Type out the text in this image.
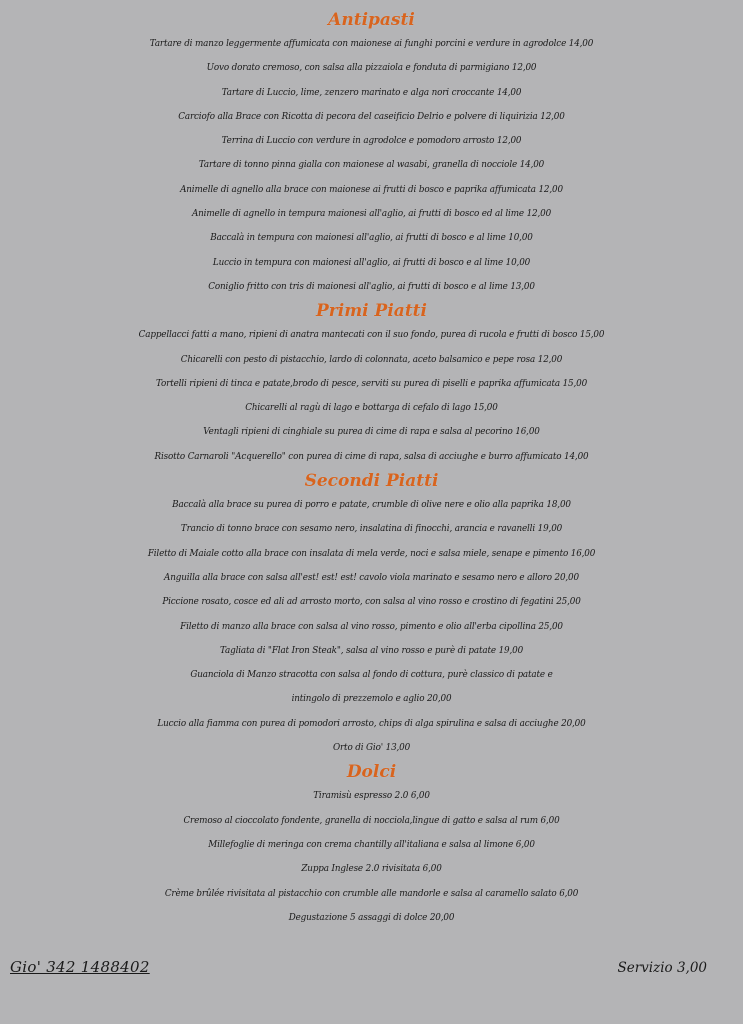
Antipasti

Tartare di manzo leggermente affumicata con maionese ai funghi porcini e verdure in agrodolce 14,00

Uovo dorato cremoso, con salsa alla pizzaiola e fonduta di parmigiano 12,00

Tartare di Luccio, lime, zenzero marinato e alga nori croccante 14,00

Carciofo alla Brace con Ricotta di pecora del caseificio Delrio e polvere di liquirizia 12,00

Terrina di Luccio con verdure in agrodolce e pomodoro arrosto 12,00

Tartare di tonno pinna gialla con maionese al wasabi, granella di nocciole 14,00

Animelle di agnello alla brace con maionese ai frutti di bosco e paprika affumicata 12,00

Animelle di agnello in tempura maionesi all'aglio, ai frutti di bosco ed al lime 12,00

Baccalà in tempura con maionesi all'aglio, ai frutti di bosco e al lime 10,00

Luccio in tempura con maionesi all'aglio, ai frutti di bosco e al lime 10,00

Coniglio fritto con tris di maionesi all'aglio, ai frutti di bosco e al lime 13,00

Primi Piatti

Cappellacci fatti a mano, ripieni di anatra mantecati con il suo fondo, purea di rucola e frutti di bosco 15,00

Chicarelli con pesto di pistacchio, lardo di colonnata, aceto balsamico e pepe rosa 12,00

Tortelli ripieni di tinca e patate,brodo di pesce, serviti su purea di piselli e paprika affumicata 15,00

Chicarelli al ragù di lago e bottarga di cefalo di lago 15,00

Ventagli ripieni di cinghiale su purea di cime di rapa e salsa al pecorino 16,00

Risotto Carnaroli "Acquerello" con purea di cime di rapa, salsa di acciughe e burro affumicato 14,00

Secondi Piatti

Baccalà alla brace su purea di porro e patate, crumble di olive nere e olio alla paprika 18,00

Trancio di tonno brace con sesamo nero, insalatina di finocchi, arancia e ravanelli 19,00

Filetto di Maiale cotto alla brace con insalata di mela verde, noci e salsa miele, senape e pimento 16,00

Anguilla alla brace con salsa all'est! est! est! cavolo viola marinato e sesamo nero e alloro 20,00

Piccione rosato, cosce ed ali ad arrosto morto, con salsa al vino rosso e crostino di fegatini 25,00

Filetto di manzo alla brace con salsa al vino rosso, pimento e olio all'erba cipollina 25,00

Tagliata di "Flat Iron Steak", salsa al vino rosso e purè di patate 19,00

Guanciola di Manzo stracotta con salsa al fondo di cottura, purè classico di patate e

intingolo di prezzemolo e aglio 20,00

Luccio alla fiamma con purea di pomodori arrosto, chips di alga spirulina e salsa di acciughe 20,00

Orto di Gio' 13,00

Dolci

Tiramisù espresso 2.0 6,00

Cremoso al cioccolato fondente, granella di nocciola,lingue di gatto e salsa al rum 6,00

Millefoglie di meringa con crema chantilly all'italiana e salsa al limone 6,00

Zuppa Inglese 2.0 rivisitata 6,00

Crème brûlée rivisitata al pistacchio con crumble alle mandorle e salsa al caramello salato 6,00

Degustazione 5 assaggi di dolce 20,00

Gio' 342 1488402	Servizio 3,00
